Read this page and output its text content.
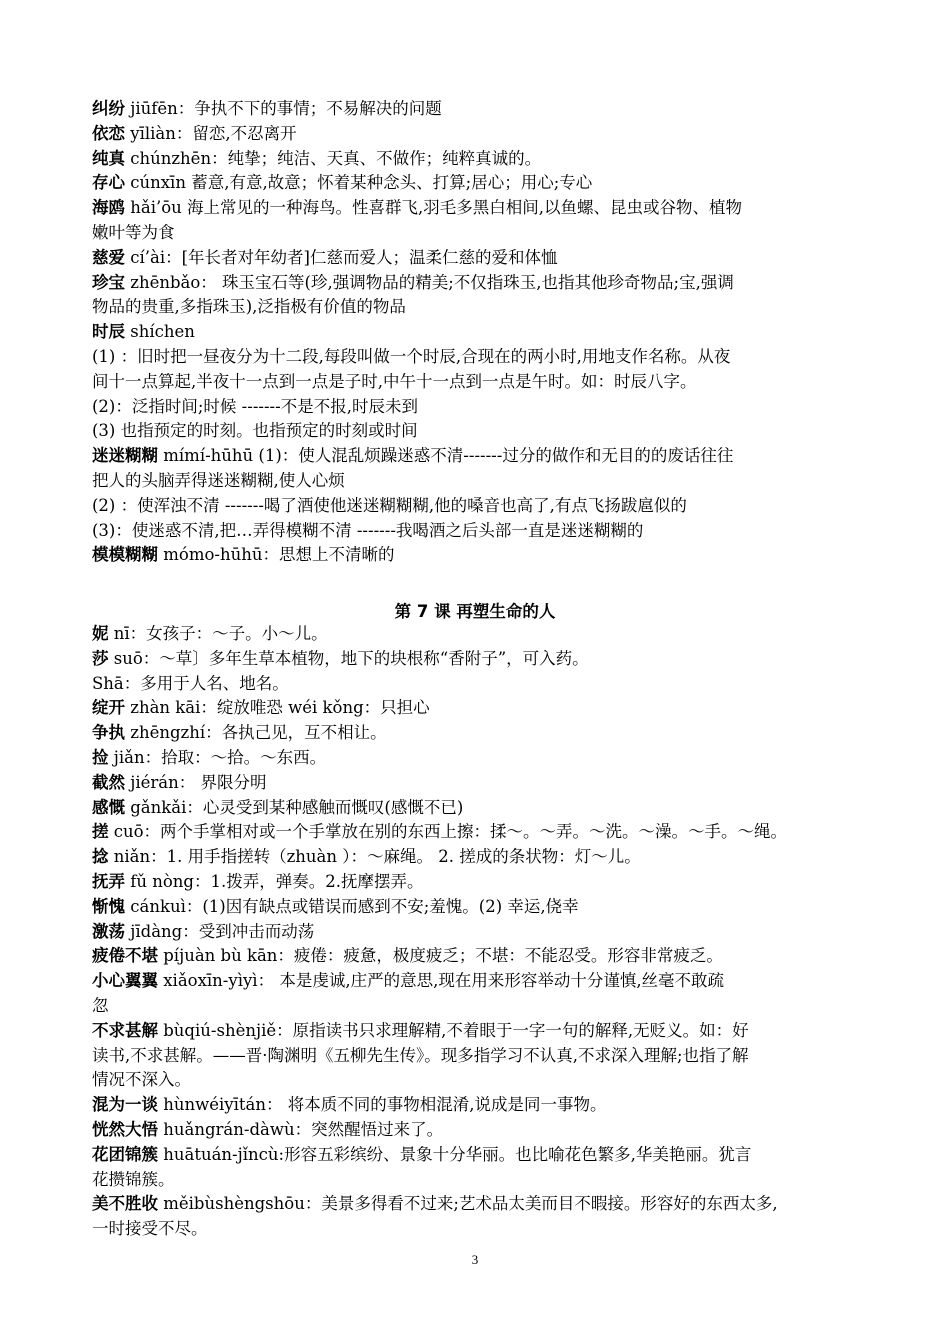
纠纷 jiūfēn：争执不下的事情；不易解决的问题
依恋 yīliàn：留恋,不忍离开
纯真 chúnzhēn：纯挚；纯洁、天真、不做作；纯粹真诚的。
存心 cúnxīn 蓄意,有意,故意；怀着某种念头、打算;居心；用心;专心
海鸥 hǎi’ōu 海上常见的一种海鸟。性喜群飞,羽毛多黑白相间,以鱼螺、昆虫或谷物、植物
嫩叶等为食
慈爱 cí’ài：[年长者对年幼者]仁慈而爱人；温柔仁慈的爱和体恤
珍宝 zhēnbǎo： 珠玉宝石等(珍,强调物品的精美;不仅指珠玉,也指其他珍奇物品;宝,强调
物品的贵重,多指珠玉),泛指极有价值的物品
时辰 shíchen
(1) ：旧时把一昼夜分为十二段,每段叫做一个时辰,合现在的两小时,用地支作名称。从夜
间十一点算起,半夜十一点到一点是子时,中午十一点到一点是午时。如：时辰八字。
(2)：泛指时间;时候 -------不是不报,时辰未到
(3) 也指预定的时刻。也指预定的时刻或时间
迷迷糊糊 mímí-hūhū (1)：使人混乱烦躁迷惑不清-------过分的做作和无目的的废话往往
把人的头脑弄得迷迷糊糊,使人心烦
(2) ：使浑浊不清 -------喝了酒使他迷迷糊糊糊,他的嗓音也高了,有点飞扬跋扈似的
(3)：使迷惑不清,把…弄得模糊不清 -------我喝酒之后头部一直是迷迷糊糊的
模模糊糊 mómo-hūhū：思想上不清晰的
第 7 课 再塑生命的人
妮 nī：女孩子：～子。小～儿。
莎 suō：～草〕多年生草本植物，地下的块根称“香附子”，可入药。
Shā：多用于人名、地名。
绽开 zhàn kāi：绽放唯恐 wéi kǒng：只担心
争执 zhēngzhí：各执己见，互不相让。
捡 jiǎn：拾取：～拾。～东西。
截然 jiérán： 界限分明
感慨 gǎnkǎi：心灵受到某种感触而慨叹(感慨不已)
搓 cuō：两个手掌相对或一个手掌放在别的东西上擦：揉～。～弄。～洗。～澡。～手。～绳。
捻 niǎn：1. 用手指搓转（zhuàn ）：～麻绳。 2. 搓成的条状物：灯～儿。
抚弄 fǔ nòng：1.拨弄，弹奏。2.抚摩摆弄。
惭愧 cánkuì：(1)因有缺点或错误而感到不安;羞愧。(2) 幸运,侥幸
激荡 jīdàng：受到冲击而动荡
疲倦不堪 píjuàn bù kān：疲倦：疲惫，极度疲乏；不堪：不能忍受。形容非常疲乏。
小心翼翼 xiǎoxīn-yìyì： 本是虔诚,庄严的意思,现在用来形容举动十分谨慎,丝毫不敢疏
忽
不求甚解 bùqiú-shènjiě：原指读书只求理解精,不着眼于一字一句的解释,无贬义。如：好
读书,不求甚解。——晋·陶渊明《五柳先生传》。现多指学习不认真,不求深入理解;也指了解
情况不深入。
混为一谈 hùnwéiyītán： 将本质不同的事物相混淆,说成是同一事物。
恍然大悟 huǎngrán-dàwù：突然醒悟过来了。
花团锦簇 huātuán-jǐncù:形容五彩缤纷、景象十分华丽。也比喻花色繁多,华美艳丽。犹言
花攒锦簇。
美不胜收 měibùshèngshōu：美景多得看不过来;艺术品太美而目不暇接。形容好的东西太多,
一时接受不尽。
3
